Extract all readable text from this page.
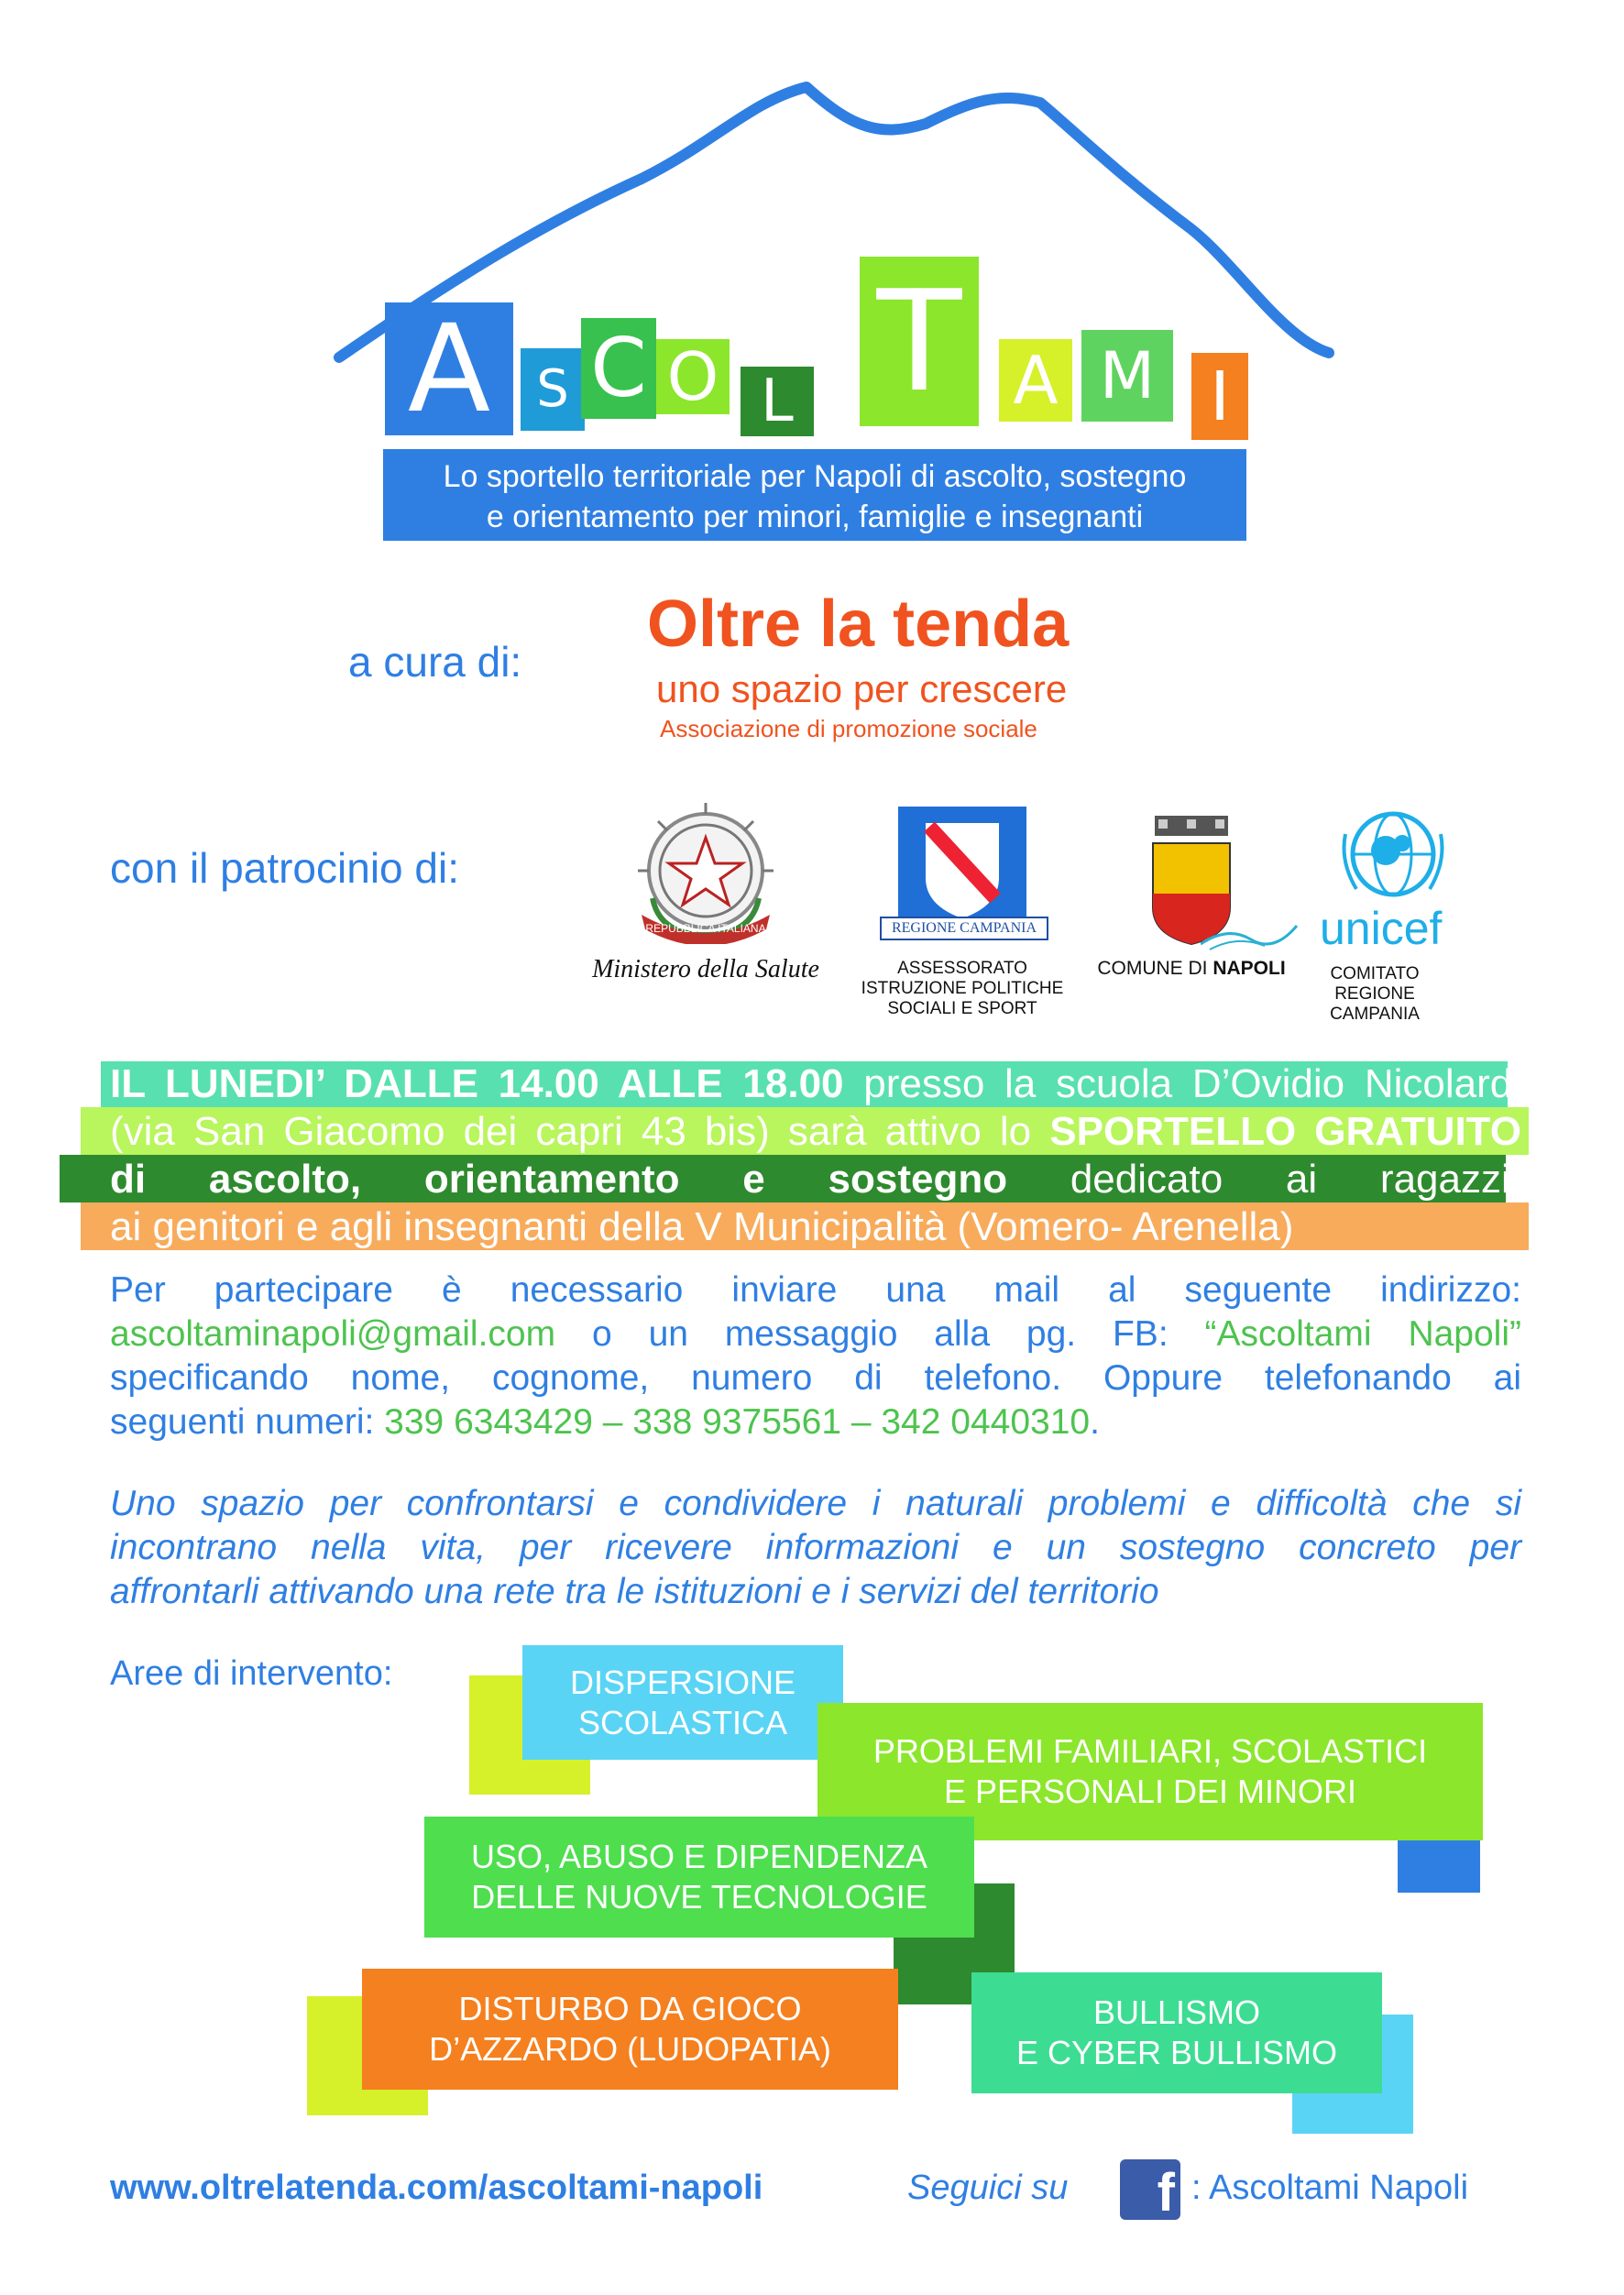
A S C O L T A M I
Lo sportello territoriale per Napoli di ascolto, sostegno
e orientamento per minori, famiglie e insegnanti
a cura di:
Oltre la tenda
uno spazio per crescere
Associazione di promozione sociale
con il patrocinio di:
REPUBBLICA ITALIANA
Ministero della Salute
REGIONE CAMPANIA
ASSESSORATO
ISTRUZIONE POLITICHE
SOCIALI E SPORT
COMUNE DI NAPOLI
unicef
COMITATO
REGIONE
CAMPANIA
IL LUNEDI’ DALLE 14.00 ALLE 18.00 presso la scuola D’Ovidio Nicolardi
(via San Giacomo dei capri 43 bis) sarà attivo lo SPORTELLO GRATUITO
di ascolto, orientamento e sostegno dedicato ai ragazzi,
ai genitori e agli insegnanti della V Municipalità (Vomero- Arenella)
Per partecipare è necessario inviare una mail al seguente indirizzo:
ascoltaminapoli@gmail.com o un messaggio alla pg. FB: “Ascoltami Napoli”
specificando nome, cognome, numero di telefono. Oppure telefonando ai
seguenti numeri: 339 6343429 – 338 9375561 – 342 0440310.
Uno spazio per confrontarsi e condividere i naturali problemi e difficoltà che si
incontrano nella vita, per ricevere informazioni e un sostegno concreto per
affrontarli attivando una rete tra le istituzioni e i servizi del territorio
Aree di intervento:	DISPERSIONE
SCOLASTICA
PROBLEMI FAMILIARI, SCOLASTICI
E PERSONALI DEI MINORI
USO, ABUSO E DIPENDENZA
DELLE NUOVE TECNOLOGIE
DISTURBO DA GIOCO
D’AZZARDO (LUDOPATIA)
BULLISMO
E CYBER BULLISMO
www.oltrelatenda.com/ascoltami-napoli	Seguici su	f : Ascoltami Napoli
